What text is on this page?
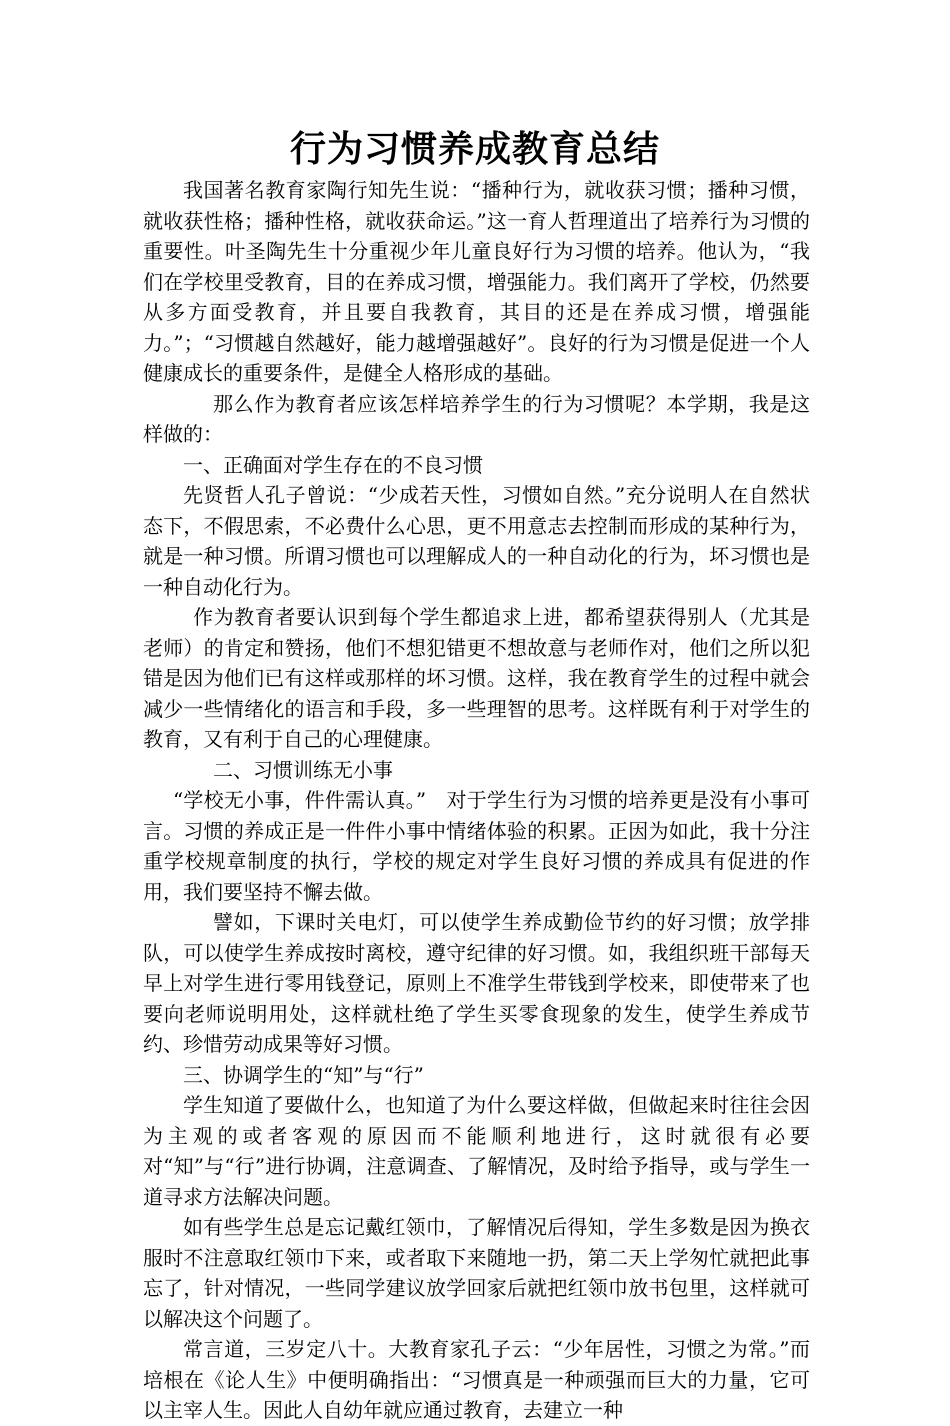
行为习惯养成教育总结

我国著名教育家陶行知先生说：“播种行为，就收获习惯；播种习惯，就收获性格；播种性格，就收获命运。”这一育人哲理道出了培养行为习惯的重要性。叶圣陶先生十分重视少年儿童良好行为习惯的培养。他认为，“我们在学校里受教育，目的在养成习惯，增强能力。我们离开了学校，仍然要从多方面受教育，并且要自我教育，其目的还是在养成习惯，增强能力。”；“习惯越自然越好，能力越增强越好”。良好的行为习惯是促进一个人健康成长的重要条件，是健全人格形成的基础。

那么作为教育者应该怎样培养学生的行为习惯呢？本学期，我是这样做的：

一、正确面对学生存在的不良习惯

先贤哲人孔子曾说：“少成若天性，习惯如自然。”充分说明人在自然状态下，不假思索，不必费什么心思，更不用意志去控制而形成的某种行为，就是一种习惯。所谓习惯也可以理解成人的一种自动化的行为，坏习惯也是一种自动化行为。

作为教育者要认识到每个学生都追求上进，都希望获得别人（尤其是老师）的肯定和赞扬，他们不想犯错更不想故意与老师作对，他们之所以犯错是因为他们已有这样或那样的坏习惯。这样，我在教育学生的过程中就会减少一些情绪化的语言和手段，多一些理智的思考。这样既有利于对学生的教育，又有利于自己的心理健康。

二、习惯训练无小事

“学校无小事，件件需认真。”　对于学生行为习惯的培养更是没有小事可言。习惯的养成正是一件件小事中情绪体验的积累。正因为如此，我十分注重学校规章制度的执行，学校的规定对学生良好习惯的养成具有促进的作用，我们要坚持不懈去做。

譬如，下课时关电灯，可以使学生养成勤俭节约的好习惯；放学排队，可以使学生养成按时离校，遵守纪律的好习惯。如，我组织班干部每天早上对学生进行零用钱登记，原则上不准学生带钱到学校来，即使带来了也要向老师说明用处，这样就杜绝了学生买零食现象的发生，使学生养成节约、珍惜劳动成果等好习惯。

三、协调学生的“知”与“行”

学生知道了要做什么，也知道了为什么要这样做，但做起来时往往会因为主观的或者客观的原因而不能顺利地进行，这时就很有必要对“知”与“行”进行协调，注意调查、了解情况，及时给予指导，或与学生一道寻求方法解决问题。

如有些学生总是忘记戴红领巾，了解情况后得知，学生多数是因为换衣服时不注意取红领巾下来，或者取下来随地一扔，第二天上学匆忙就把此事忘了，针对情况，一些同学建议放学回家后就把红领巾放书包里，这样就可以解决这个问题了。

常言道，三岁定八十。大教育家孔子云：“少年居性，习惯之为常。”而培根在《论人生》中便明确指出：“习惯真是一种顽强而巨大的力量，它可以主宰人生。因此人自幼年就应通过教育，去建立一种
